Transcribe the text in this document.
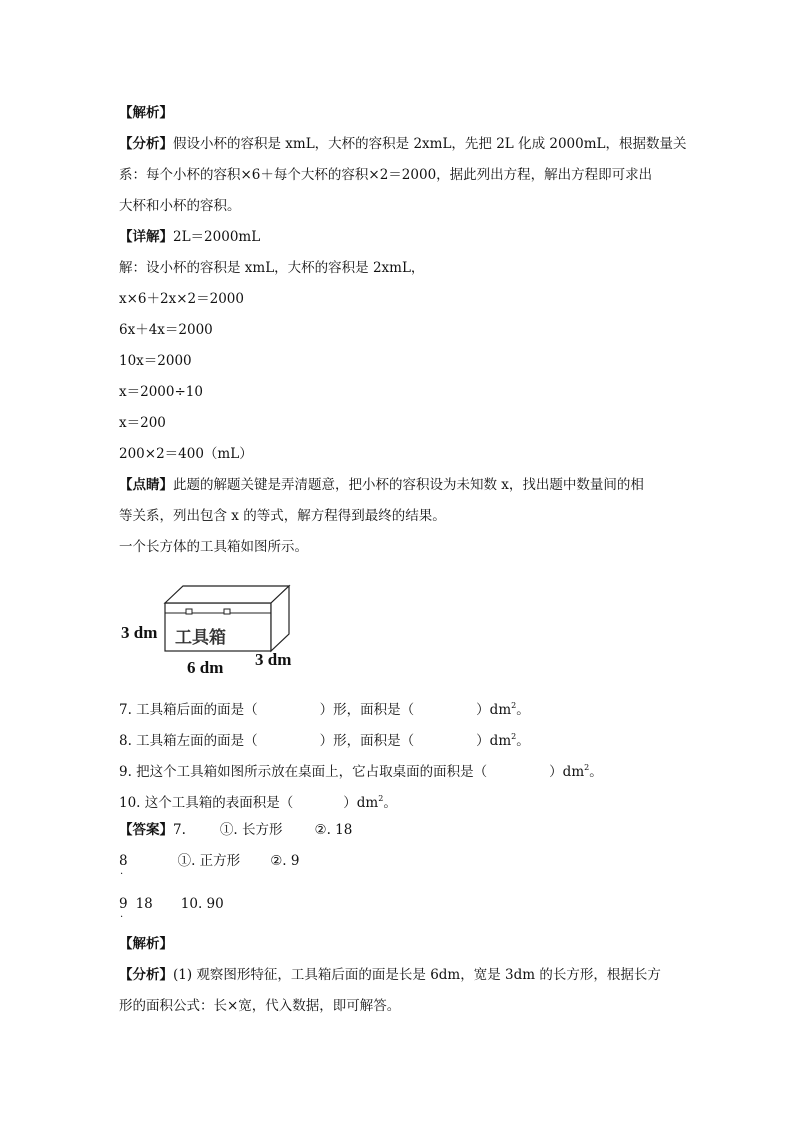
【解析】
【分析】假设小杯的容积是 xmL，大杯的容积是 2xmL，先把 2L 化成 2000mL，根据数量关
系：每个小杯的容积×6＋每个大杯的容积×2＝2000，据此列出方程，解出方程即可求出
大杯和小杯的容积。
【详解】2L＝2000mL
解：设小杯的容积是 xmL，大杯的容积是 2xmL，
x×6＋2x×2＝2000
6x＋4x＝2000
10x＝2000
x＝2000÷10
x＝200
200×2＝400（mL）
【点睛】此题的解题关键是弄清题意，把小杯的容积设为未知数 x，找出题中数量间的相
等关系，列出包含 x 的等式，解方程得到最终的结果。
一个长方体的工具箱如图所示。
工具箱
3 dm
6 dm 3 dm
7. 工具箱后面的面是（	）形，面积是（	）$dm^2$。
8. 工具箱左面的面是（	）形，面积是（	）$dm^2$。
9. 把这个工具箱如图所示放在桌面上，它占取桌面的面积是（	）$dm^2$。
10. 这个工具箱的表面积是（	）$dm^2$。
【答案】7.	①. 长方形 ②. 18
8	①. 正方形 ②. 9
.
9 18 10. 90
.
【解析】
【分析】(1) 观察图形特征，工具箱后面的面是长是 6dm，宽是 3dm 的长方形，根据长方
形的面积公式：长×宽，代入数据，即可解答。
